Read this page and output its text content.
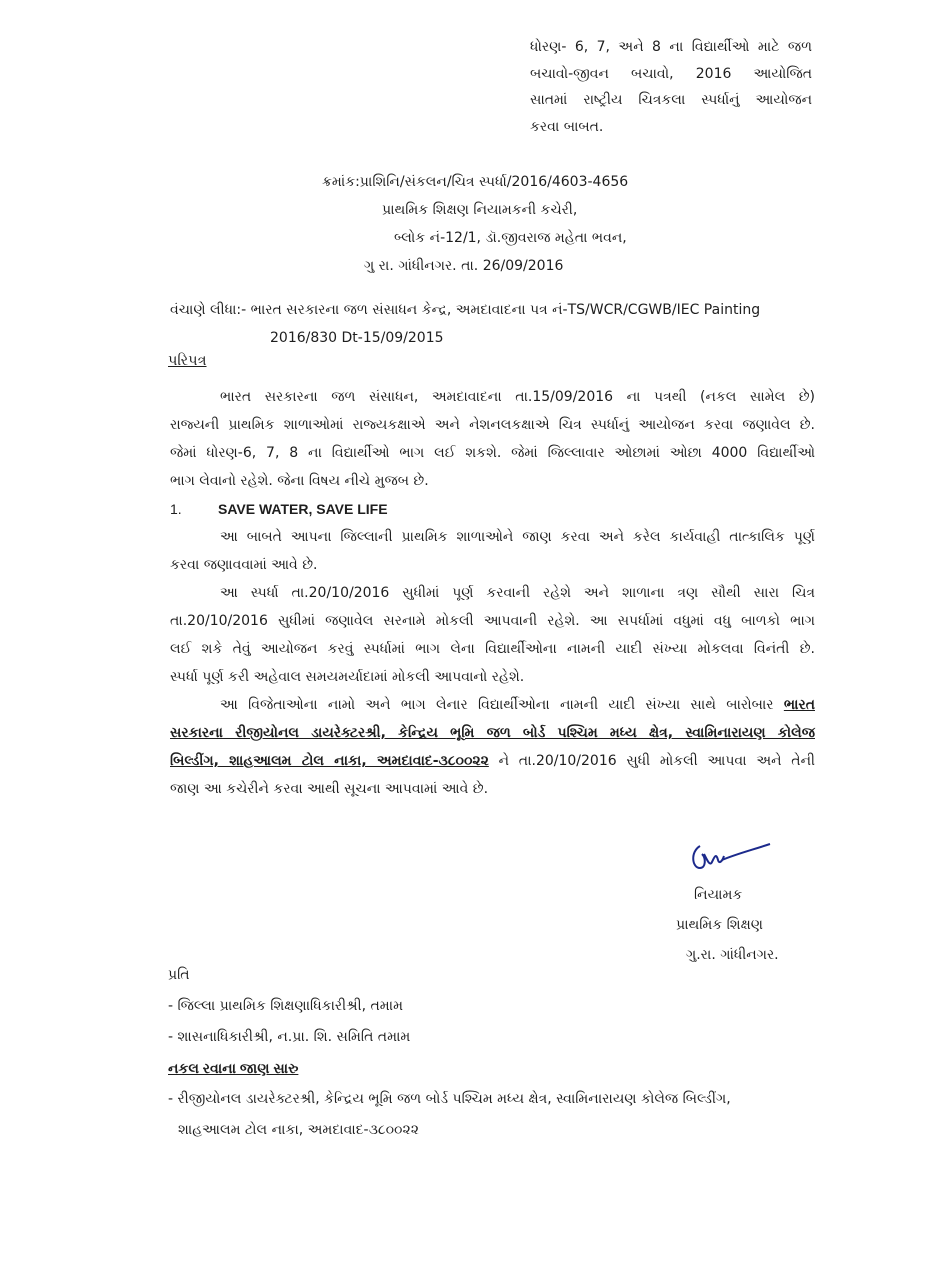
ધોરણ- 6, 7, અને 8 ના વિદ્યાર્થીઓ માટે જળ
બચાવો-જીવન બચાવો, 2016 આયોજિત
સાતમાં રાષ્ટ્રીય ચિત્રકલા સ્પર્ધાનું આયોજન
કરવા બાબત.
ક્રમાંક:પ્રાશિનિ/સંકલન/ચિત્ર સ્પર્ધા/2016/4603-4656
પ્રાથમિક શિક્ષણ નિયામકની કચેરી,
બ્લોક નં-12/1, ડૉ.જીવરાજ મહેતા ભવન,
ગુ રા. ગાંધીનગર. તા. 26/09/2016
વંચાણે લીધા:- ભારત સરકારના જળ સંસાધન કેન્દ્ર, અમદાવાદના પત્ર નં-TS/WCR/CGWB/IEC Painting
2016/830 Dt-15/09/2015
પરિપત્ર

ભારત સરકારના જળ સંસાધન, અમદાવાદના તા.15/09/2016 ના પત્રથી (નકલ સામેલ છે)
રાજ્યની પ્રાથમિક શાળાઓમાં રાજ્યકક્ષાએ અને નેશનલકક્ષાએ ચિત્ર સ્પર્ધાનું આયોજન કરવા જણાવેલ છે.
જેમાં ધોરણ-6, 7, 8 ના વિદ્યાર્થીઓ ભાગ લઈ શકશે. જેમાં જિલ્લાવાર ઓછામાં ઓછા 4000 વિદ્યાર્થીઓ
ભાગ લેવાનો રહેશે. જેના વિષય નીચે મુજબ છે.

1.	SAVE WATER, SAVE LIFE

આ બાબતે આપના જિલ્લાની પ્રાથમિક શાળાઓને જાણ કરવા અને કરેલ કાર્યવાહી તાત્કાલિક પૂર્ણ
કરવા જણાવવામાં આવે છે.

આ સ્પર્ધા તા.20/10/2016 સુધીમાં પૂર્ણ કરવાની રહેશે અને શાળાના ત્રણ સૌથી સારા ચિત્ર
તા.20/10/2016 સુધીમાં જણાવેલ સરનામે મોકલી આપવાની રહેશે. આ સપર્ધામાં વધુમાં વધુ બાળકો ભાગ
લઈ શકે તેવું આયોજન કરવું સ્પર્ધામાં ભાગ લેના વિદ્યાર્થીઓના નામની યાદી સંખ્યા મોકલવા વિનંતી છે.
સ્પર્ધા પૂર્ણ કરી અહેવાલ સમયમર્યાદામાં મોકલી આપવાનો રહેશે.

આ વિજેતાઓના નામો અને ભાગ લેનાર વિદ્યાર્થીઓના નામની યાદી સંખ્યા સાથે બારોબાર ભારત
સરકારના રીજીયોનલ ડાયરેક્ટરશ્રી, કેન્દ્રિય ભૂમિ જળ બોર્ડ પશ્ચિમ મધ્ય ક્ષેત્ર, સ્વામિનારાયણ કોલેજ
બિલ્ડીંગ, શાહઆલમ ટોલ નાકા, અમદાવાદ-૩૮૦૦૨૨ ને તા.20/10/2016 સુધી મોકલી આપવા અને તેની
જાણ આ કચેરીને કરવા આથી સૂચના આપવામાં આવે છે.

નિયામક
પ્રાથમિક શિક્ષણ
ગુ.રા. ગાંધીનગર.
પ્રતિ
- જિલ્લા પ્રાથમિક શિક્ષણાધિકારીશ્રી, તમામ
- શાસનાધિકારીશ્રી, ન.પ્રા. શિ. સમિતિ તમામ
નકલ રવાના જાણ સારુ
- રીજીયોનલ ડાયરેક્ટરશ્રી, કેન્દ્રિય ભૂમિ જળ બોર્ડ પશ્ચિમ મધ્ય ક્ષેત્ર, સ્વામિનારાયણ કોલેજ બિલ્ડીંગ,
શાહઆલમ ટોલ નાકા, અમદાવાદ-૩૮૦૦૨૨
